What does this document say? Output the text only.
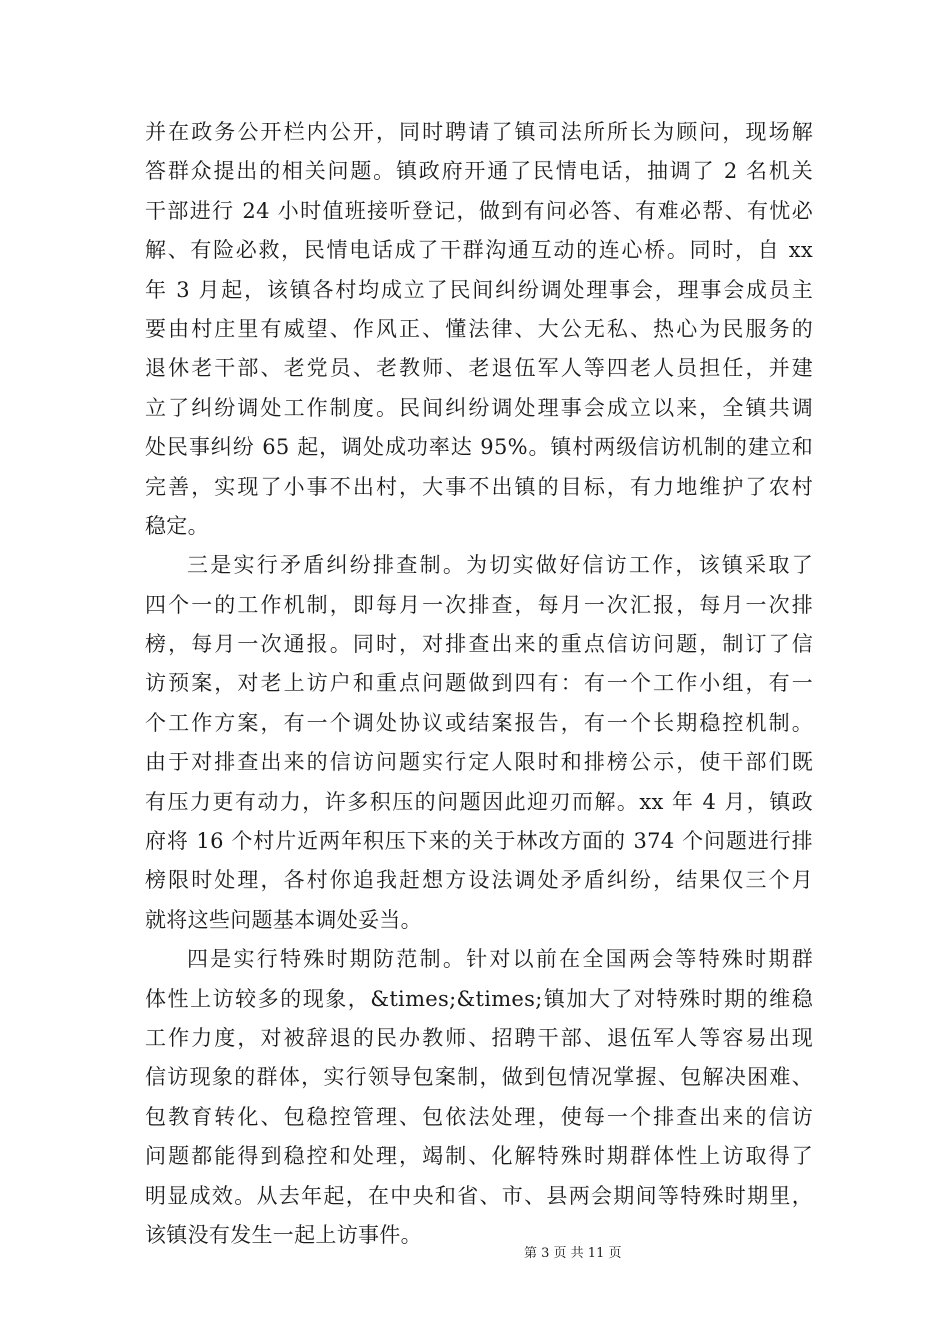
并在政务公开栏内公开，同时聘请了镇司法所所长为顾问，现场解
答群众提出的相关问题。镇政府开通了民情电话，抽调了 2 名机关
干部进行 24 小时值班接听登记，做到有问必答、有难必帮、有忧必
解、有险必救，民情电话成了干群沟通互动的连心桥。同时，自 xx
年 3 月起，该镇各村均成立了民间纠纷调处理事会，理事会成员主
要由村庄里有威望、作风正、懂法律、大公无私、热心为民服务的
退休老干部、老党员、老教师、老退伍军人等四老人员担任，并建
立了纠纷调处工作制度。民间纠纷调处理事会成立以来，全镇共调
处民事纠纷 65 起，调处成功率达 95%。镇村两级信访机制的建立和
完善，实现了小事不出村，大事不出镇的目标，有力地维护了农村
稳定。
三是实行矛盾纠纷排查制。为切实做好信访工作，该镇采取了
四个一的工作机制，即每月一次排查，每月一次汇报，每月一次排
榜，每月一次通报。同时，对排查出来的重点信访问题，制订了信
访预案，对老上访户和重点问题做到四有：有一个工作小组，有一
个工作方案，有一个调处协议或结案报告，有一个长期稳控机制。
由于对排查出来的信访问题实行定人限时和排榜公示，使干部们既
有压力更有动力，许多积压的问题因此迎刃而解。xx 年 4 月，镇政
府将 16 个村片近两年积压下来的关于林改方面的 374 个问题进行排
榜限时处理，各村你追我赶想方设法调处矛盾纠纷，结果仅三个月
就将这些问题基本调处妥当。
四是实行特殊时期防范制。针对以前在全国两会等特殊时期群
体性上访较多的现象，&times;&times;镇加大了对特殊时期的维稳
工作力度，对被辞退的民办教师、招聘干部、退伍军人等容易出现
信访现象的群体，实行领导包案制，做到包情况掌握、包解决困难、
包教育转化、包稳控管理、包依法处理，使每一个排查出来的信访
问题都能得到稳控和处理，竭制、化解特殊时期群体性上访取得了
明显成效。从去年起，在中央和省、市、县两会期间等特殊时期里，
该镇没有发生一起上访事件。
第 3 页 共 11 页
